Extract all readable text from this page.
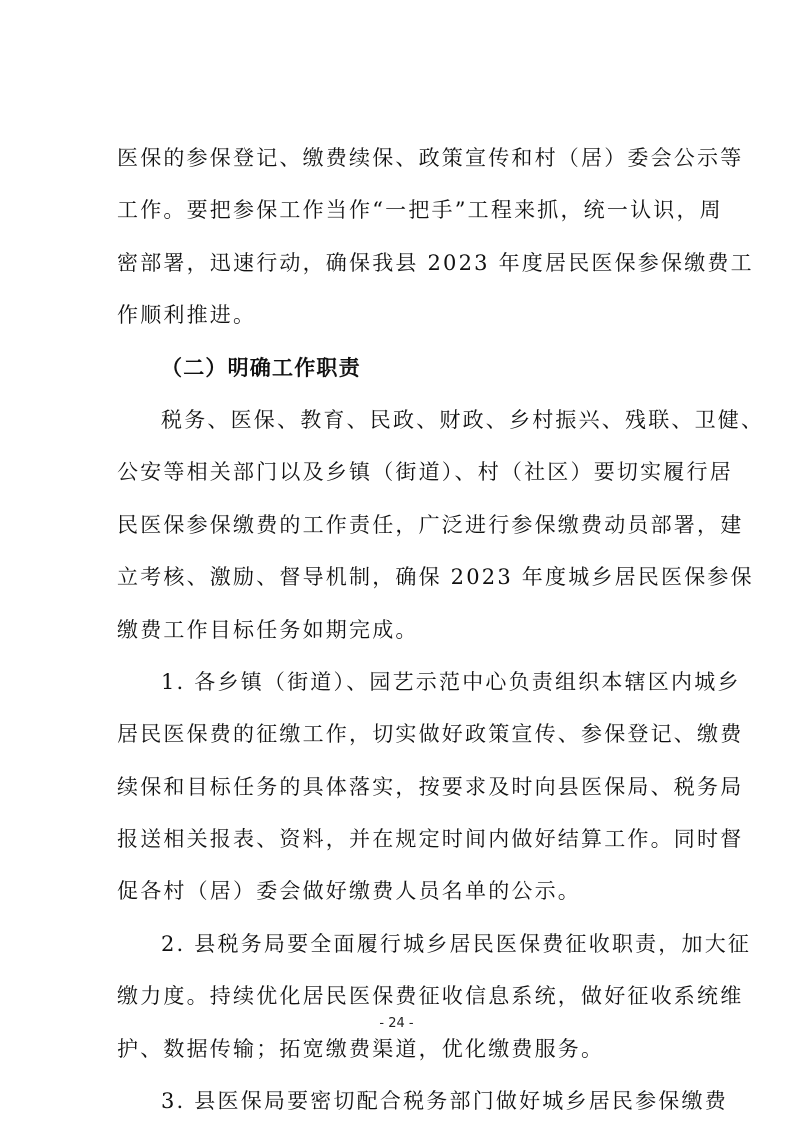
医保的参保登记、缴费续保、政策宣传和村（居）委会公示等
工作。要把参保工作当作“一把手”工程来抓，统一认识，周
密部署，迅速行动，确保我县 2023 年度居民医保参保缴费工
作顺利推进。
（二）明确工作职责
税务、医保、教育、民政、财政、乡村振兴、残联、卫健、
公安等相关部门以及乡镇（街道）、村（社区）要切实履行居
民医保参保缴费的工作责任，广泛进行参保缴费动员部署，建
立考核、激励、督导机制，确保 2023 年度城乡居民医保参保
缴费工作目标任务如期完成。
1. 各乡镇（街道）、园艺示范中心负责组织本辖区内城乡
居民医保费的征缴工作，切实做好政策宣传、参保登记、缴费
续保和目标任务的具体落实，按要求及时向县医保局、税务局
报送相关报表、资料，并在规定时间内做好结算工作。同时督
促各村（居）委会做好缴费人员名单的公示。
2. 县税务局要全面履行城乡居民医保费征收职责，加大征
缴力度。持续优化居民医保费征收信息系统，做好征收系统维
护、数据传输；拓宽缴费渠道，优化缴费服务。
3. 县医保局要密切配合税务部门做好城乡居民参保缴费
- 24 -
